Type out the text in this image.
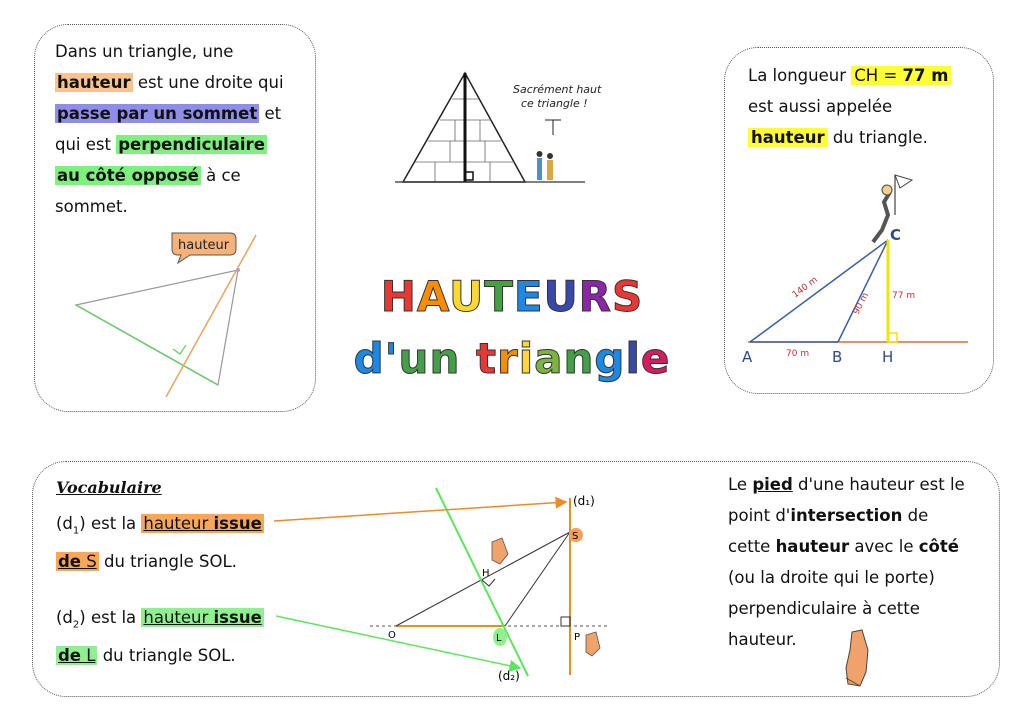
Dans un triangle, une
hauteur est une droite qui
passe par un sommet et
qui est perpendiculaire
au côté opposé à ce
sommet.
hauteur
Sacrément haut
ce triangle !
HAUTEURS
d'un triangle
La longueur CH = 77 m
est aussi appelée
hauteur du triangle.
A	B	H
C
70 m
140 m
90 m 77 m
Vocabulaire
$(d_1)$ est la hauteur issue
de S du triangle SOL.
$(d_2)$ est la hauteur issue
de L du triangle SOL.
(d₁)
(d₂)
S
O	L
H
P
Le pied d'une hauteur est le
point d'intersection de
cette hauteur avec le côté
(ou la droite qui le porte)
perpendiculaire à cette
hauteur.
